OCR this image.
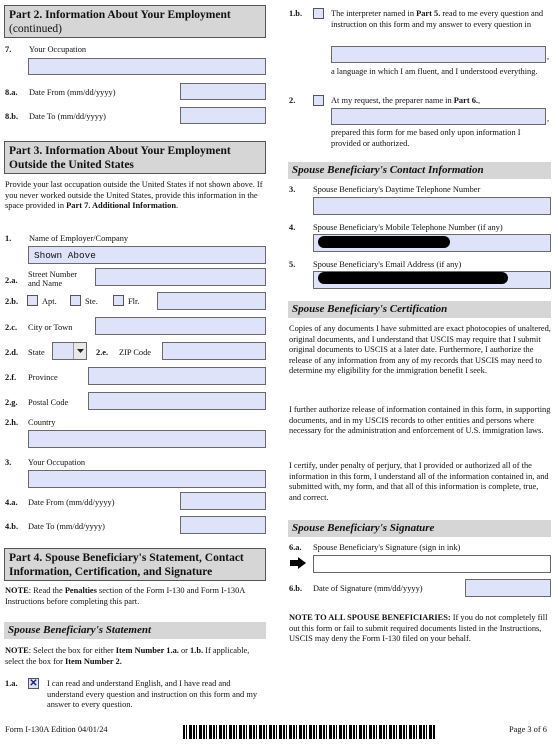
Part 2. Information About Your Employment
(continued)
7. Your Occupation
8.a. Date From (mm/dd/yyyy)
8.b. Date To (mm/dd/yyyy)
Part 3. Information About Your Employment Outside the United States
Provide your last occupation outside the United States if not shown above. If you never worked outside the United States, provide this information in the space provided in Part 7. Additional Information.
1. Name of Employer/Company
Shown Above
2.a.
Street Number
and Name
2.b.	Apt.	Ste.	Flr.
2.c. City or Town
2.d. State	2.e. ZIP Code
2.f. Province
2.g. Postal Code
2.h. Country
3. Your Occupation
4.a. Date From (mm/dd/yyyy)
4.b. Date To (mm/dd/yyyy)
Part 4. Spouse Beneficiary's Statement, Contact Information, Certification, and Signature
NOTE: Read the Penalties section of the Form I-130 and Form I-130A Instructions before completing this part.
Spouse Beneficiary's Statement
NOTE: Select the box for either Item Number 1.a. or 1.b. If applicable, select the box for Item Number 2.
1.a. ✕ I can read and understand English, and I have read and understand every question and instruction on this form and my answer to every question.
1.b.	The interpreter named in Part 5. read to me every question and instruction on this form and my answer to every question in
,
a language in which I am fluent, and I understood everything.
2.	At my request, the preparer name in Part 6.,
,
prepared this form for me based only upon information I provided or authorized.
Spouse Beneficiary's Contact Information
3. Spouse Beneficiary's Daytime Telephone Number
4. Spouse Beneficiary's Mobile Telephone Number (if any)
5. Spouse Beneficiary's Email Address (if any)
Spouse Beneficiary's Certification
Copies of any documents I have submitted are exact photocopies of unaltered, original documents, and I understand that USCIS may require that I submit original documents to USCIS at a later date. Furthermore, I authorize the release of any information from any of my records that USCIS may need to determine my eligibility for the immigration benefit I seek.
I further authorize release of information contained in this form, in supporting documents, and in my USCIS records to other entities and persons where necessary for the administration and enforcement of U.S. immigration laws.
I certify, under penalty of perjury, that I provided or authorized all of the information in this form, I understand all of the information contained in, and submitted with, my form, and that all of this information is complete, true, and correct.
Spouse Beneficiary's Signature
6.a. Spouse Beneficiary's Signature (sign in ink)
6.b. Date of Signature (mm/dd/yyyy)
NOTE TO ALL SPOUSE BENEFICIARIES: If you do not completely fill out this form or fail to submit required documents listed in the Instructions, USCIS may deny the Form I-130 filed on your behalf.
Form I-130A Edition 04/01/24	Page 3 of 6
